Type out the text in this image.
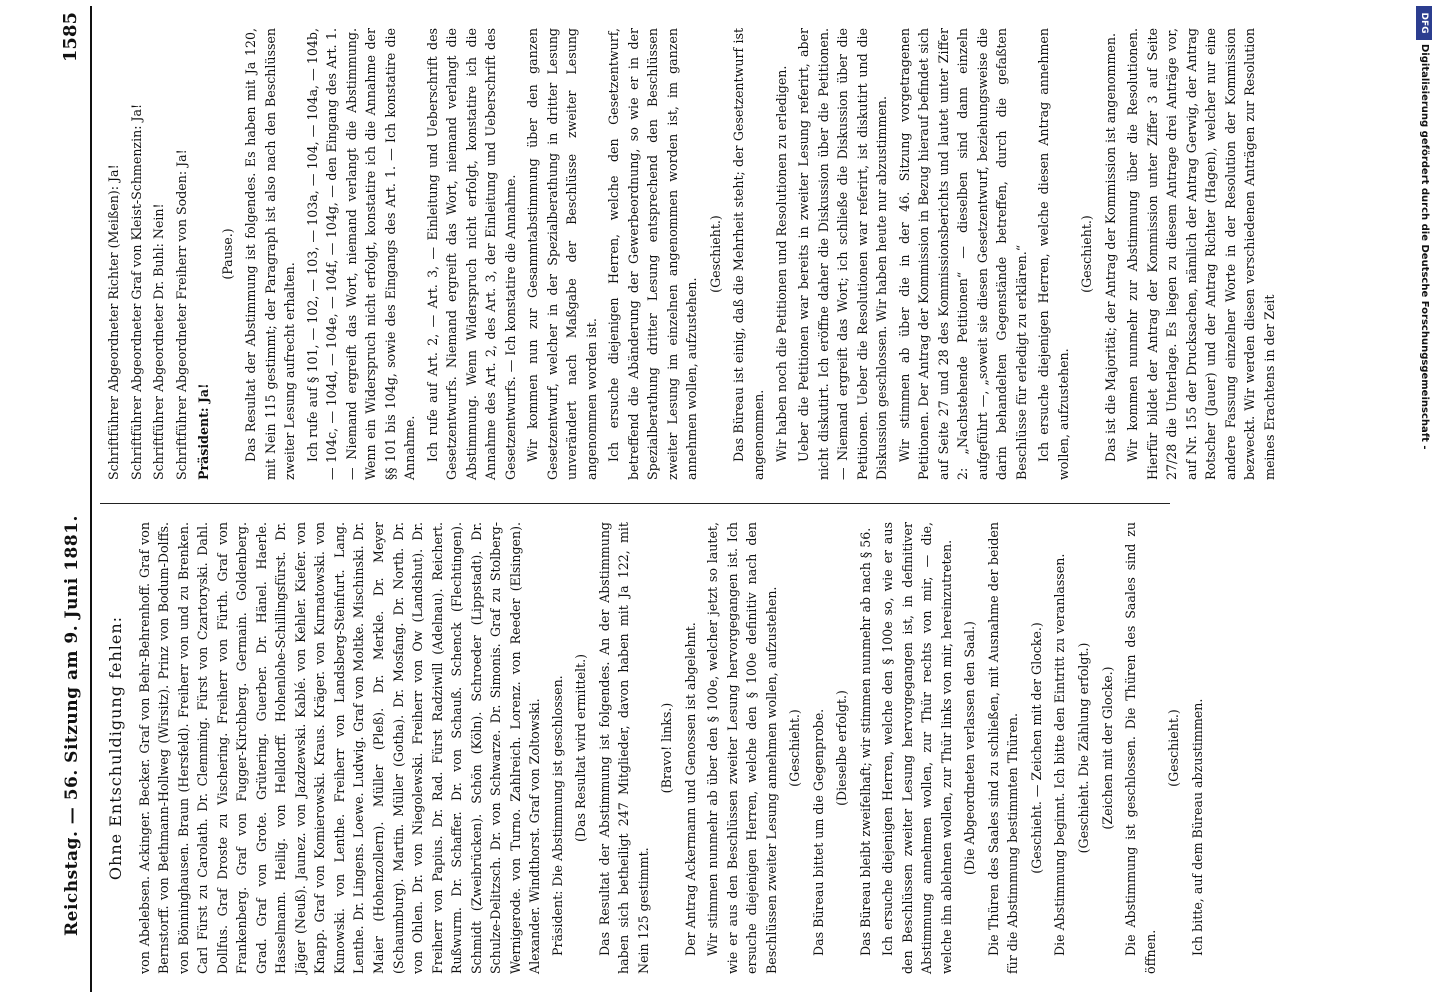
Reichstag. — 56. Sitzung am 9. Juni 1881.
1585
Ohne Entschuldigung fehlen: von Abelebsen. Ackinger. Becker. Graf von Behr-Behrenhoff. Graf von Bernstorff. von Bethmann-Hollweg (Wirsitz). Prinz von Bodum-Dolffs. von Bönninghausen. Braun (Hersfeld). Freiherr von und zu Brenken. Carl Fürst zu Carolath. Dr. Clemming. Fürst von Czartoryski. Dahl. Dollfus. Graf Droste zu Vischering. Freiherr von Fürth. Graf von Frankenberg. Graf von Fugger-Kirchberg. Germain. Goldenberg. Grad. Graf von Grote. Grütering. Guerber. Dr. Hänel. Haerle. Hasselmann. Heilig. von Helldorff. Hohenlohe-Schillingsfürst. Dr. Jäger (Neuß). Jaunez. von Jazdzewski. Kablé. von Kehler. Kiefer. von Knapp. Graf von Komierowski. Kraus. Kräger. von Kurnatowski. von Kunowski. von Lenthe. Freiherr von Landsberg-Steinfurt. Lang. Lenthe. Dr. Lingens. Loewe. Ludwig. Graf von Moltke. Mischinski. Dr. Maier (Hohenzollern). Müller (Pleß). Dr. Merkle. Dr. Meyer (Schaumburg). Martin. Müller (Gotha). Dr. Mosfang. Dr. North. Dr. von Ohlen. Dr. von Niegolewski. Freiherr von Ow (Landshut). Dr. Freiherr von Papius. Dr. Rad. Fürst Radziwill (Adelnau). Reichert. Rußwurm. Dr. Schaffer. Dr. von Schauß. Schenck (Flechtingen). Schmidt (Zweibrücken). Schön (Köln). Schroeder (Lippstadt). Dr. Schulze-Delitzsch. Dr. von Schwarze. Dr. Simonis. Graf zu Stolberg-Wernigerode. von Turno. Zahlreich. Lorenz. von Reeder (Elsingen). Alexander. Windthorst. Graf von Zoltowski. Präsident: Die Abstimmung ist geschlossen. (Das Resultat wird ermittelt.) Das Resultat der Abstimmung ist folgendes. An der Abstimmung haben sich betheiligt 247 Mitglieder, davon haben mit Ja 122, mit Nein 125 gestimmt.

(Bravo! links.) Der Antrag Ackermann und Genossen ist abgelehnt. Wir stimmen nunmehr ab über den § 100e, welcher jetzt so lautet, wie er aus den Beschlüssen zweiter Lesung hervorgegangen ist. Ich ersuche diejenigen Herren, welche den § 100e definitiv nach den Beschlüssen zweiter Lesung annehmen wollen, aufzustehen. (Geschieht.) Das Büreau bittet um die Gegenprobe. (Dieselbe erfolgt.) Das Büreau bleibt zweifelhaft; wir stimmen nunmehr ab nach § 56. Ich ersuche diejenigen Herren, welche den § 100e so, wie er aus den Beschlüssen zweiter Lesung hervorgegangen ist, in definitiver Abstimmung annehmen wollen, zur Thür rechts von mir, — die, welche ihn ablehnen wollen, zur Thür links von mir, hereinzutreten. (Die Abgeordneten verlassen den Saal.) Die Thüren des Saales sind zu schließen, mit Ausnahme der beiden für die Abstimmung bestimmten Thüren. (Geschieht. — Zeichen mit der Glocke.) Die Abstimmung beginnt. Ich bitte den Eintritt zu veranlassen. (Geschieht. Die Zählung erfolgt.) (Zeichen mit der Glocke.) Die Abstimmung ist geschlossen. Die Thüren des Saales sind zu öffnen.

(Geschieht.) Ich bitte, auf dem Büreau abzustimmen.

Schriftführer Abgeordneter Richter (Meißen): Ja! Schriftführer Abgeordneter Graf von Kleist-Schmenzin: Ja! Schriftführer Abgeordneter Dr. Buhl: Nein! Schriftführer Abgeordneter Freiherr von Soden: Ja! Präsident: Ja!

(Pause.) Das Resultat der Abstimmung ist folgendes. Es haben mit Ja 120, mit Nein 115 gestimmt; der Paragraph ist also nach den Beschlüssen zweiter Lesung aufrecht erhalten. Ich rufe auf § 101, — 102, — 103, — 103a, — 104, — 104a, — 104b, — 104c, — 104d, — 104e, — 104f, — 104g, — den Eingang des Art. 1. — Niemand ergreift das Wort, niemand verlangt die Abstimmung. Wenn ein Widerspruch nicht erfolgt, konstatire ich die Annahme der §§ 101 bis 104g, sowie des Eingangs des Art. 1. — Ich konstatire die Annahme. Ich rufe auf Art. 2, — Art. 3, — Einleitung und Ueberschrift des Gesetzentwurfs. Niemand ergreift das Wort, niemand verlangt die Abstimmung. Wenn Widerspruch nicht erfolgt, konstatire ich die Annahme des Art. 2, des Art. 3, der Einleitung und Ueberschrift des Gesetzentwurfs. — Ich konstatire die Annahme. Wir kommen nun zur Gesammtabstimmung über den ganzen Gesetzentwurf, welcher in der Spezialberathung in dritter Lesung unverändert nach Maßgabe der Beschlüsse zweiter Lesung angenommen worden ist. Ich ersuche diejenigen Herren, welche den Gesetzentwurf, betreffend die Abänderung der Gewerbeordnung, so wie er in der Spezialberathung dritter Lesung entsprechend den Beschlüssen zweiter Lesung im einzelnen angenommen worden ist, im ganzen annehmen wollen, aufzustehen.

(Geschieht.) Das Büreau ist einig, daß die Mehrheit steht; der Gesetzentwurf ist angenommen. Wir haben noch die Petitionen und Resolutionen zu erledigen. Ueber die Petitionen war bereits in zweiter Lesung referirt, aber nicht diskutirt. Ich eröffne daher die Diskussion über die Petitionen. — Niemand ergreift das Wort; ich schließe die Diskussion über die Petitionen. Ueber die Resolutionen war referirt, ist diskutirt und die Diskussion geschlossen. Wir haben heute nur abzustimmen. Wir stimmen ab über die in der 46. Sitzung vorgetragenen Petitionen. Der Antrag der Kommission in Bezug hierauf befindet sich auf Seite 27 und 28 des Kommissionsberichts und lautet unter Ziffer 2: „Nachstehende Petitionen“ — dieselben sind dann einzeln aufgeführt —, „soweit sie diesen Gesetzentwurf, beziehungsweise die darin behandelten Gegenstände betreffen, durch die gefaßten Beschlüsse für erledigt zu erklären.“ Ich ersuche diejenigen Herren, welche diesen Antrag annehmen wollen, aufzustehen.

(Geschieht.) Das ist die Majorität; der Antrag der Kommission ist angenommen. Wir kommen nunmehr zur Abstimmung über die Resolutionen. Hierfür bildet der Antrag der Kommission unter Ziffer 3 auf Seite 27/28 die Unterlage. Es liegen zu diesem Antrage drei Anträge vor, auf Nr. 155 der Drucksachen, nämlich der Antrag Gerwig, der Antrag Rotscher (Jauer) und der Antrag Richter (Hagen), welcher nur eine andere Fassung einzelner Worte in der Resolution der Kommission bezweckt. Wir werden diesen verschiedenen Anträgen zur Resolution meines Erachtens in der Zeit

DFG
Digitalisierung gefördert durch die Deutsche Forschungsgemeinschaft -
